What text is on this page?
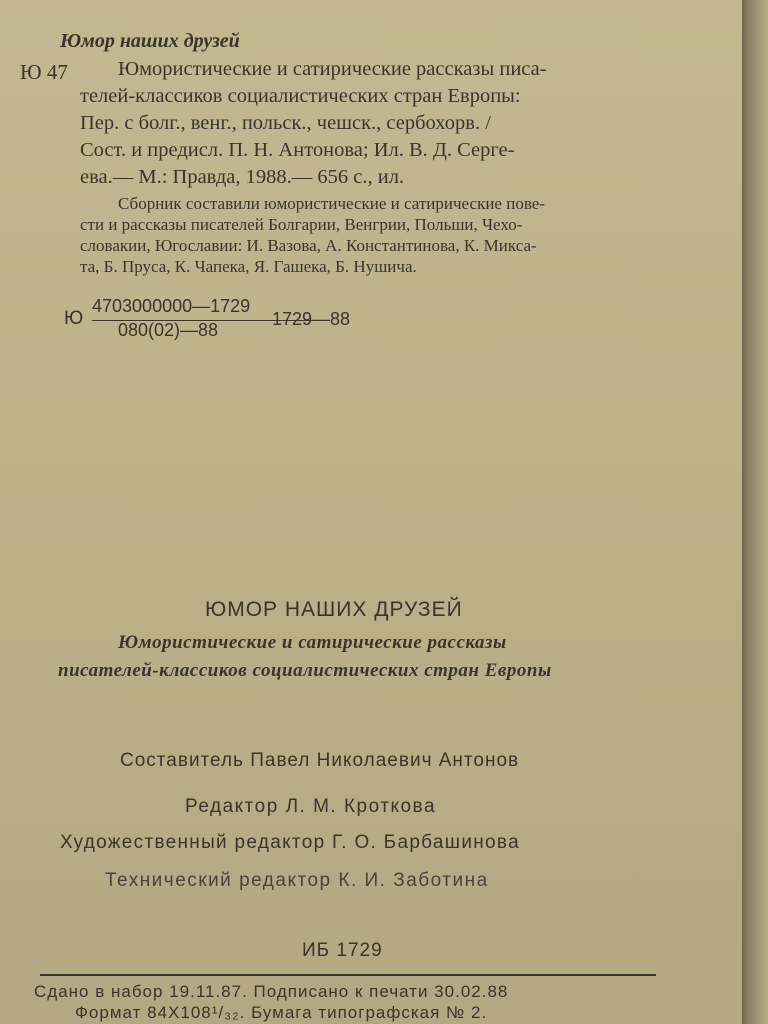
Юмор наших друзей
Ю 47 Юмористические и сатирические рассказы писа-
телей-классиков социалистических стран Европы:
Пер. с болг., венг., польск., чешск., сербохорв. /
Сост. и предисл. П. Н. Антонова; Ил. В. Д. Серге-
ева.— М.: Правда, 1988.— 656 с., ил.
Сборник составили юмористические и сатирические пове-
сти и рассказы писателей Болгарии, Венгрии, Польши, Чехо-
словакии, Югославии: И. Вазова, А. Константинова, К. Микса-
та, Б. Пруса, К. Чапека, Я. Гашека, Б. Нушича.
Ю
4703000000—1729
080(02)—88
1729—88
ЮМОР НАШИХ ДРУЗЕЙ
Юмористические и сатирические рассказы
писателей-классиков социалистических стран Европы
Составитель Павел Николаевич Антонов
Редактор Л. М. Кроткова
Художественный редактор Г. О. Барбашинова
Технический редактор К. И. Заботина
ИБ 1729
Сдано в набор 19.11.87. Подписано к печати 30.02.88
Формат 84Х108¹/₃₂. Бумага типографская № 2.
